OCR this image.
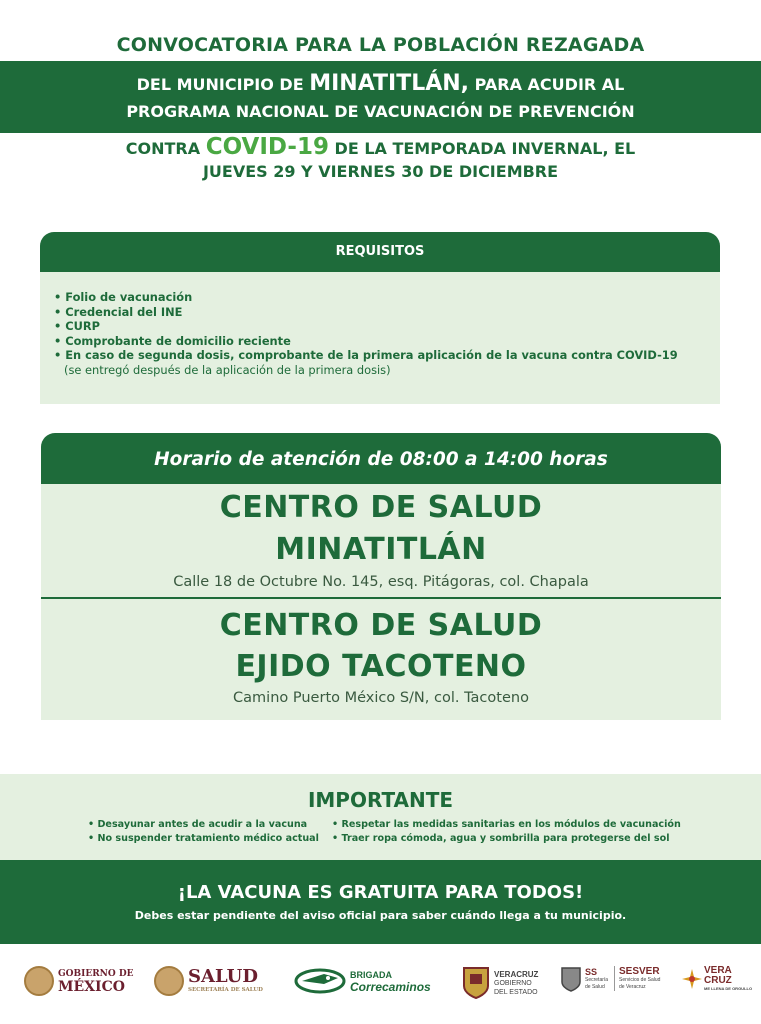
CONVOCATORIA PARA LA POBLACIÓN REZAGADA
DEL MUNICIPIO DE MINATITLÁN, PARA ACUDIR AL
PROGRAMA NACIONAL DE VACUNACIÓN DE PREVENCIÓN
CONTRA COVID-19 DE LA TEMPORADA INVERNAL, EL
JUEVES 29 Y VIERNES 30 DE DICIEMBRE
REQUISITOS
• Folio de vacunación
• Credencial del INE
• CURP
• Comprobante de domicilio reciente
• En caso de segunda dosis, comprobante de la primera aplicación de la vacuna contra COVID-19
(se entregó después de la aplicación de la primera dosis)
Horario de atención de 08:00 a 14:00 horas
CENTRO DE SALUD
MINATITLÁN
Calle 18 de Octubre No. 145, esq. Pitágoras, col. Chapala
CENTRO DE SALUD
EJIDO TACOTENO
Camino Puerto México S/N, col. Tacoteno
IMPORTANTE
• Desayunar antes de acudir a la vacuna
• No suspender tratamiento médico actual
• Respetar las medidas sanitarias en los módulos de vacunación
• Traer ropa cómoda, agua y sombrilla para protegerse del sol
¡LA VACUNA ES GRATUITA PARA TODOS!
Debes estar pendiente del aviso oficial para saber cuándo llega a tu municipio.
GOBIERNO DE
MÉXICO	SALUD
SECRETARÍA DE SALUD
BRIGADA
Correcaminos
VERACRUZ
GOBIERNO
DEL ESTADO
SS
Secretaría
de Salud
SESVER
Servicios de Salud
de Veracruz
VERA
CRUZ
ME LLENA DE ORGULLO
